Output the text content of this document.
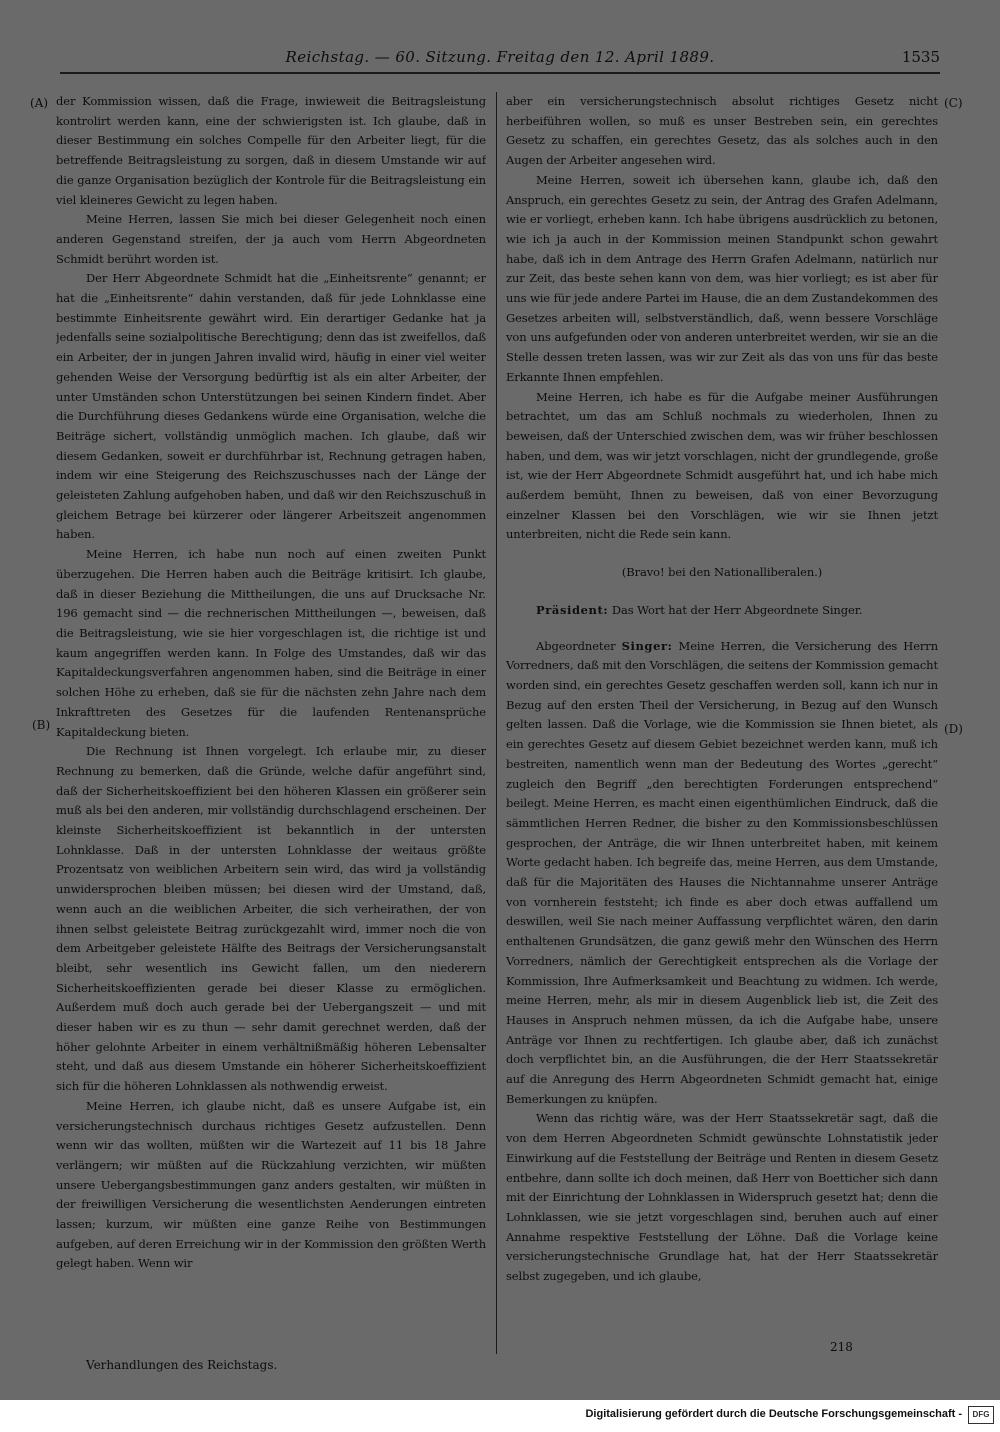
Reichstag. — 60. Sitzung. Freitag den 12. April 1889.	1535
(A)
(B)
(C)
(D)

der Kommission wissen, daß die Frage, inwieweit die Beitragsleistung kontrolirt werden kann, eine der schwierigsten ist. Ich glaube, daß in dieser Bestimmung ein solches Compelle für den Arbeiter liegt, für die betreffende Beitragsleistung zu sorgen, daß in diesem Umstande wir auf die ganze Organisation bezüglich der Kontrole für die Beitragsleistung ein viel kleineres Gewicht zu legen haben.

Meine Herren, lassen Sie mich bei dieser Gelegenheit noch einen anderen Gegenstand streifen, der ja auch vom Herrn Abgeordneten Schmidt berührt worden ist.

Der Herr Abgeordnete Schmidt hat die „Einheitsrente“ genannt; er hat die „Einheitsrente“ dahin verstanden, daß für jede Lohnklasse eine bestimmte Einheitsrente gewährt wird. Ein derartiger Gedanke hat ja jedenfalls seine sozialpolitische Berechtigung; denn das ist zweifellos, daß ein Arbeiter, der in jungen Jahren invalid wird, häufig in einer viel weiter gehenden Weise der Versorgung bedürftig ist als ein alter Arbeiter, der unter Umständen schon Unterstützungen bei seinen Kindern findet. Aber die Durchführung dieses Gedankens würde eine Organisation, welche die Beiträge sichert, vollständig unmöglich machen. Ich glaube, daß wir diesem Gedanken, soweit er durchführbar ist, Rechnung getragen haben, indem wir eine Steigerung des Reichszuschusses nach der Länge der geleisteten Zahlung aufgehoben haben, und daß wir den Reichszuschuß in gleichem Betrage bei kürzerer oder längerer Arbeitszeit angenommen haben.

Meine Herren, ich habe nun noch auf einen zweiten Punkt überzugehen. Die Herren haben auch die Beiträge kritisirt. Ich glaube, daß in dieser Beziehung die Mittheilungen, die uns auf Drucksache Nr. 196 gemacht sind — die rechnerischen Mittheilungen —, beweisen, daß die Beitragsleistung, wie sie hier vorgeschlagen ist, die richtige ist und kaum angegriffen werden kann. In Folge des Umstandes, daß wir das Kapitaldeckungsverfahren angenommen haben, sind die Beiträge in einer solchen Höhe zu erheben, daß sie für die nächsten zehn Jahre nach dem Inkrafttreten des Gesetzes für die laufenden Rentenansprüche Kapitaldeckung bieten.

Die Rechnung ist Ihnen vorgelegt. Ich erlaube mir, zu dieser Rechnung zu bemerken, daß die Gründe, welche dafür angeführt sind, daß der Sicherheitskoeffizient bei den höheren Klassen ein größerer sein muß als bei den anderen, mir vollständig durchschlagend erscheinen. Der kleinste Sicherheitskoeffizient ist bekanntlich in der untersten Lohnklasse. Daß in der untersten Lohnklasse der weitaus größte Prozentsatz von weiblichen Arbeitern sein wird, das wird ja vollständig unwidersprochen bleiben müssen; bei diesen wird der Umstand, daß, wenn auch an die weiblichen Arbeiter, die sich verheirathen, der von ihnen selbst geleistete Beitrag zurückgezahlt wird, immer noch die von dem Arbeitgeber geleistete Hälfte des Beitrags der Versicherungsanstalt bleibt, sehr wesentlich ins Gewicht fallen, um den niederern Sicherheitskoeffizienten gerade bei dieser Klasse zu ermöglichen. Außerdem muß doch auch gerade bei der Uebergangszeit — und mit dieser haben wir es zu thun — sehr damit gerechnet werden, daß der höher gelohnte Arbeiter in einem verhältnißmäßig höheren Lebensalter steht, und daß aus diesem Umstande ein höherer Sicherheitskoeffizient sich für die höheren Lohnklassen als nothwendig erweist.

Meine Herren, ich glaube nicht, daß es unsere Aufgabe ist, ein versicherungstechnisch durchaus richtiges Gesetz aufzustellen. Denn wenn wir das wollten, müßten wir die Wartezeit auf 11 bis 18 Jahre verlängern; wir müßten auf die Rückzahlung verzichten, wir müßten unsere Uebergangsbestimmungen ganz anders gestalten, wir müßten in der freiwilligen Versicherung die wesentlichsten Aenderungen eintreten lassen; kurzum, wir müßten eine ganze Reihe von Bestimmungen aufgeben, auf deren Erreichung wir in der Kommission den größten Werth gelegt haben. Wenn wir

aber ein versicherungstechnisch absolut richtiges Gesetz nicht herbeiführen wollen, so muß es unser Bestreben sein, ein gerechtes Gesetz zu schaffen, ein gerechtes Gesetz, das als solches auch in den Augen der Arbeiter angesehen wird.

Meine Herren, soweit ich übersehen kann, glaube ich, daß den Anspruch, ein gerechtes Gesetz zu sein, der Antrag des Grafen Adelmann, wie er vorliegt, erheben kann. Ich habe übrigens ausdrücklich zu betonen, wie ich ja auch in der Kommission meinen Standpunkt schon gewahrt habe, daß ich in dem Antrage des Herrn Grafen Adelmann, natürlich nur zur Zeit, das beste sehen kann von dem, was hier vorliegt; es ist aber für uns wie für jede andere Partei im Hause, die an dem Zustandekommen des Gesetzes arbeiten will, selbstverständlich, daß, wenn bessere Vorschläge von uns aufgefunden oder von anderen unterbreitet werden, wir sie an die Stelle dessen treten lassen, was wir zur Zeit als das von uns für das beste Erkannte Ihnen empfehlen.

Meine Herren, ich habe es für die Aufgabe meiner Ausführungen betrachtet, um das am Schluß nochmals zu wiederholen, Ihnen zu beweisen, daß der Unterschied zwischen dem, was wir früher beschlossen haben, und dem, was wir jetzt vorschlagen, nicht der grundlegende, große ist, wie der Herr Abgeordnete Schmidt ausgeführt hat, und ich habe mich außerdem bemüht, Ihnen zu beweisen, daß von einer Bevorzugung einzelner Klassen bei den Vorschlägen, wie wir sie Ihnen jetzt unterbreiten, nicht die Rede sein kann.

(Bravo! bei den Nationalliberalen.)

Präsident: Das Wort hat der Herr Abgeordnete Singer.

Abgeordneter Singer: Meine Herren, die Versicherung des Herrn Vorredners, daß mit den Vorschlägen, die seitens der Kommission gemacht worden sind, ein gerechtes Gesetz geschaffen werden soll, kann ich nur in Bezug auf den ersten Theil der Versicherung, in Bezug auf den Wunsch gelten lassen. Daß die Vorlage, wie die Kommission sie Ihnen bietet, als ein gerechtes Gesetz auf diesem Gebiet bezeichnet werden kann, muß ich bestreiten, namentlich wenn man der Bedeutung des Wortes „gerecht“ zugleich den Begriff „den berechtigten Forderungen entsprechend“ beilegt. Meine Herren, es macht einen eigenthümlichen Eindruck, daß die sämmtlichen Herren Redner, die bisher zu den Kommissionsbeschlüssen gesprochen, der Anträge, die wir Ihnen unterbreitet haben, mit keinem Worte gedacht haben. Ich begreife das, meine Herren, aus dem Umstande, daß für die Majoritäten des Hauses die Nichtannahme unserer Anträge von vornherein feststeht; ich finde es aber doch etwas auffallend um deswillen, weil Sie nach meiner Auffassung verpflichtet wären, den darin enthaltenen Grundsätzen, die ganz gewiß mehr den Wünschen des Herrn Vorredners, nämlich der Gerechtigkeit entsprechen als die Vorlage der Kommission, Ihre Aufmerksamkeit und Beachtung zu widmen. Ich werde, meine Herren, mehr, als mir in diesem Augenblick lieb ist, die Zeit des Hauses in Anspruch nehmen müssen, da ich die Aufgabe habe, unsere Anträge vor Ihnen zu rechtfertigen. Ich glaube aber, daß ich zunächst doch verpflichtet bin, an die Ausführungen, die der Herr Staatssekretär auf die Anregung des Herrn Abgeordneten Schmidt gemacht hat, einige Bemerkungen zu knüpfen.

Wenn das richtig wäre, was der Herr Staatssekretär sagt, daß die von dem Herren Abgeordneten Schmidt gewünschte Lohnstatistik jeder Einwirkung auf die Feststellung der Beiträge und Renten in diesem Gesetz entbehre, dann sollte ich doch meinen, daß Herr von Boetticher sich dann mit der Einrichtung der Lohnklassen in Widerspruch gesetzt hat; denn die Lohnklassen, wie sie jetzt vorgeschlagen sind, beruhen auch auf einer Annahme respektive Feststellung der Löhne. Daß die Vorlage keine versicherungstechnische Grundlage hat, hat der Herr Staatssekretär selbst zugegeben, und ich glaube,

Verhandlungen des Reichstags.
218
Digitalisierung gefördert durch die Deutsche Forschungsgemeinschaft -	DFG
